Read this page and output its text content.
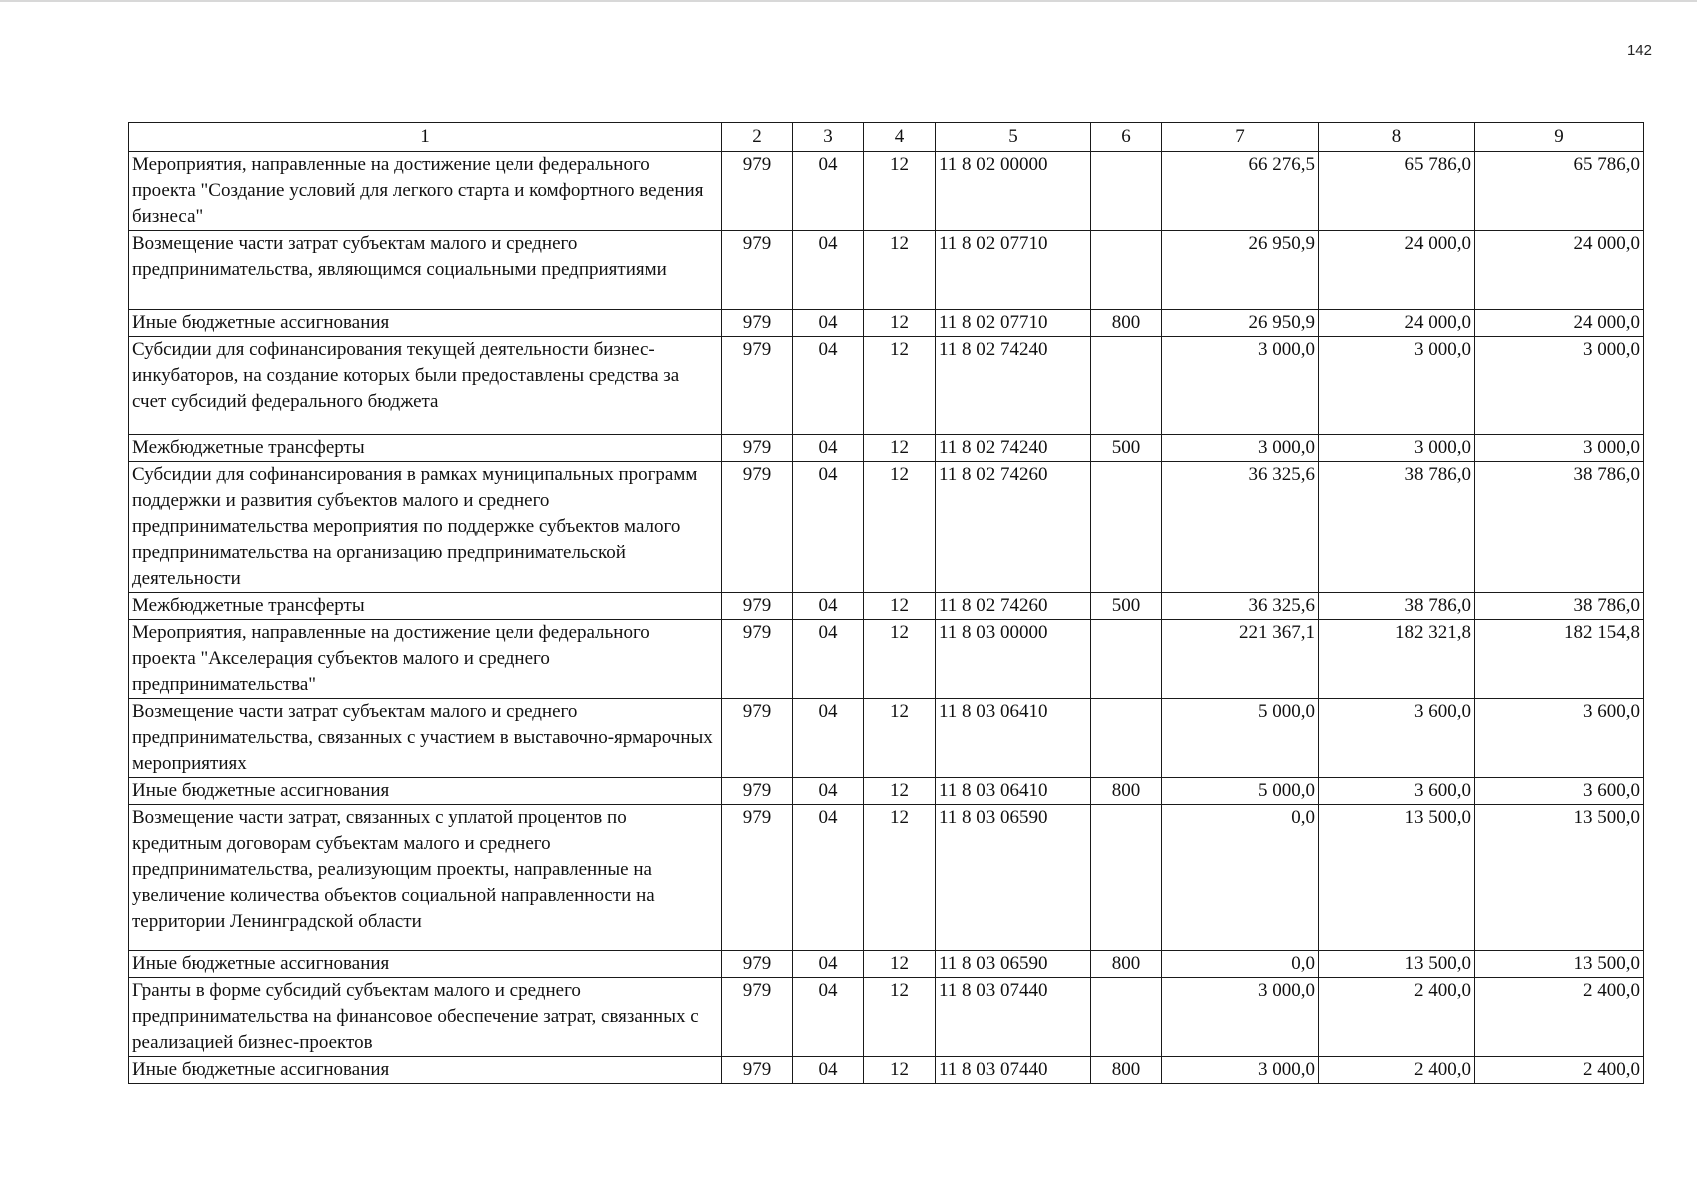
142
1	2	3	4	5	6	7	8	9
Мероприятия, направленные на достижение цели федерального проекта "Создание условий для легкого старта и комфортного ведения бизнеса"	979	04	12	11 8 02 00000		66 276,5	65 786,0	65 786,0
Возмещение части затрат субъектам малого и среднего предпринимательства, являющимся социальными предприятиями	979	04	12	11 8 02 07710		26 950,9	24 000,0	24 000,0
Иные бюджетные ассигнования	979	04	12	11 8 02 07710	800	26 950,9	24 000,0	24 000,0
Субсидии для софинансирования текущей деятельности бизнес-инкубаторов, на создание которых были предоставлены средства за счет субсидий федерального бюджета	979	04	12	11 8 02 74240		3 000,0	3 000,0	3 000,0
Межбюджетные трансферты	979	04	12	11 8 02 74240	500	3 000,0	3 000,0	3 000,0
Субсидии для софинансирования в рамках муниципальных программ поддержки и развития субъектов малого и среднего предпринимательства мероприятия по поддержке субъектов малого предпринимательства на организацию предпринимательской деятельности	979	04	12	11 8 02 74260		36 325,6	38 786,0	38 786,0
Межбюджетные трансферты	979	04	12	11 8 02 74260	500	36 325,6	38 786,0	38 786,0
Мероприятия, направленные на достижение цели федерального проекта "Акселерация субъектов малого и среднего предпринимательства"	979	04	12	11 8 03 00000		221 367,1	182 321,8	182 154,8
Возмещение части затрат субъектам малого и среднего предпринимательства, связанных с участием в выставочно-ярмарочных мероприятиях	979	04	12	11 8 03 06410		5 000,0	3 600,0	3 600,0
Иные бюджетные ассигнования	979	04	12	11 8 03 06410	800	5 000,0	3 600,0	3 600,0
Возмещение части затрат, связанных с уплатой процентов по кредитным договорам субъектам малого и среднего предпринимательства, реализующим проекты, направленные на увеличение количества объектов социальной направленности на территории Ленинградской области	979	04	12	11 8 03 06590		0,0	13 500,0	13 500,0
Иные бюджетные ассигнования	979	04	12	11 8 03 06590	800	0,0	13 500,0	13 500,0
Гранты в форме субсидий субъектам малого и среднего предпринимательства на финансовое обеспечение затрат, связанных с реализацией бизнес-проектов	979	04	12	11 8 03 07440		3 000,0	2 400,0	2 400,0
Иные бюджетные ассигнования	979	04	12	11 8 03 07440	800	3 000,0	2 400,0	2 400,0
